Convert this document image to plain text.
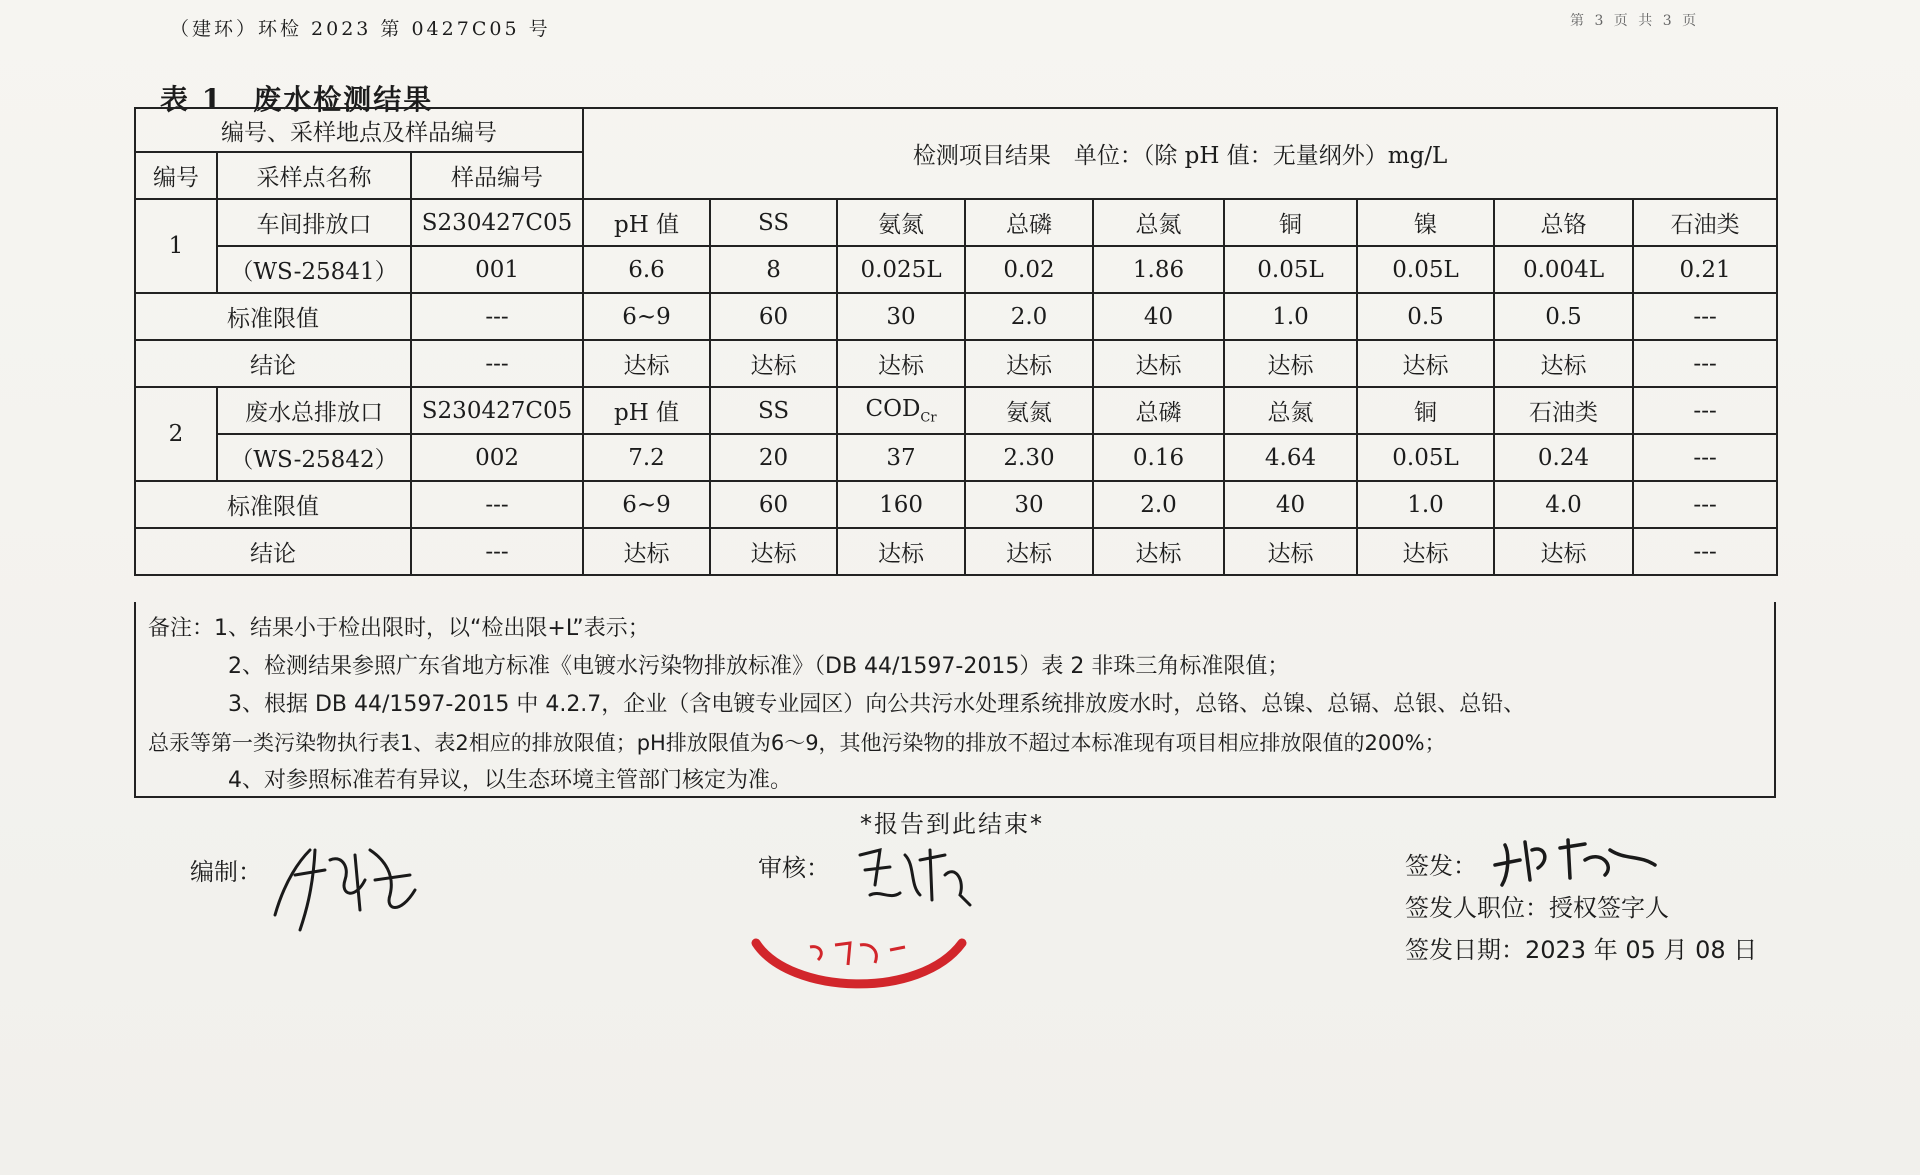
（建环）环检 2023 第 0427C05 号	第 3 页 共 3 页
表 1　废水检测结果
编号、采样地点及样品编号			检测项目结果　单位：（除 pH 值：无量纲外）mg/L								
编号	采样点名称	样品编号									
1	车间排放口	S230427C05	pH 值	SS	氨氮	总磷	总氮	铜	镍	总铬	石油类
	（WS-25841）	001	6.6	8	0.025L	0.02	1.86	0.05L	0.05L	0.004L	0.21
标准限值		---	6~9	60	30	2.0	40	1.0	0.5	0.5	---
结论		---	达标	达标	达标	达标	达标	达标	达标	达标	---
2	废水总排放口	S230427C05	pH 值	SS	$COD_{Cr}$	氨氮	总磷	总氮	铜	石油类	---
	（WS-25842）	002	7.2	20	37	2.30	0.16	4.64	0.05L	0.24	---
标准限值		---	6~9	60	160	30	2.0	40	1.0	4.0	---
结论		---	达标	达标	达标	达标	达标	达标	达标	达标	---
备注：1、结果小于检出限时，以“检出限+L”表示；
2、检测结果参照广东省地方标准《电镀水污染物排放标准》（DB 44/1597-2015）表 2 非珠三角标准限值；
3、根据 DB 44/1597-2015 中 4.2.7，企业（含电镀专业园区）向公共污水处理系统排放废水时，总铬、总镍、总镉、总银、总铅、
总汞等第一类污染物执行表1、表2相应的排放限值；pH排放限值为6～9，其他污染物的排放不超过本标准现有项目相应排放限值的200%；
4、对参照标准若有异议，以生态环境主管部门核定为准。
*报告到此结束*
编制：	审核：	签发：
签发人职位：授权签字人
签发日期：2023 年 05 月 08 日
